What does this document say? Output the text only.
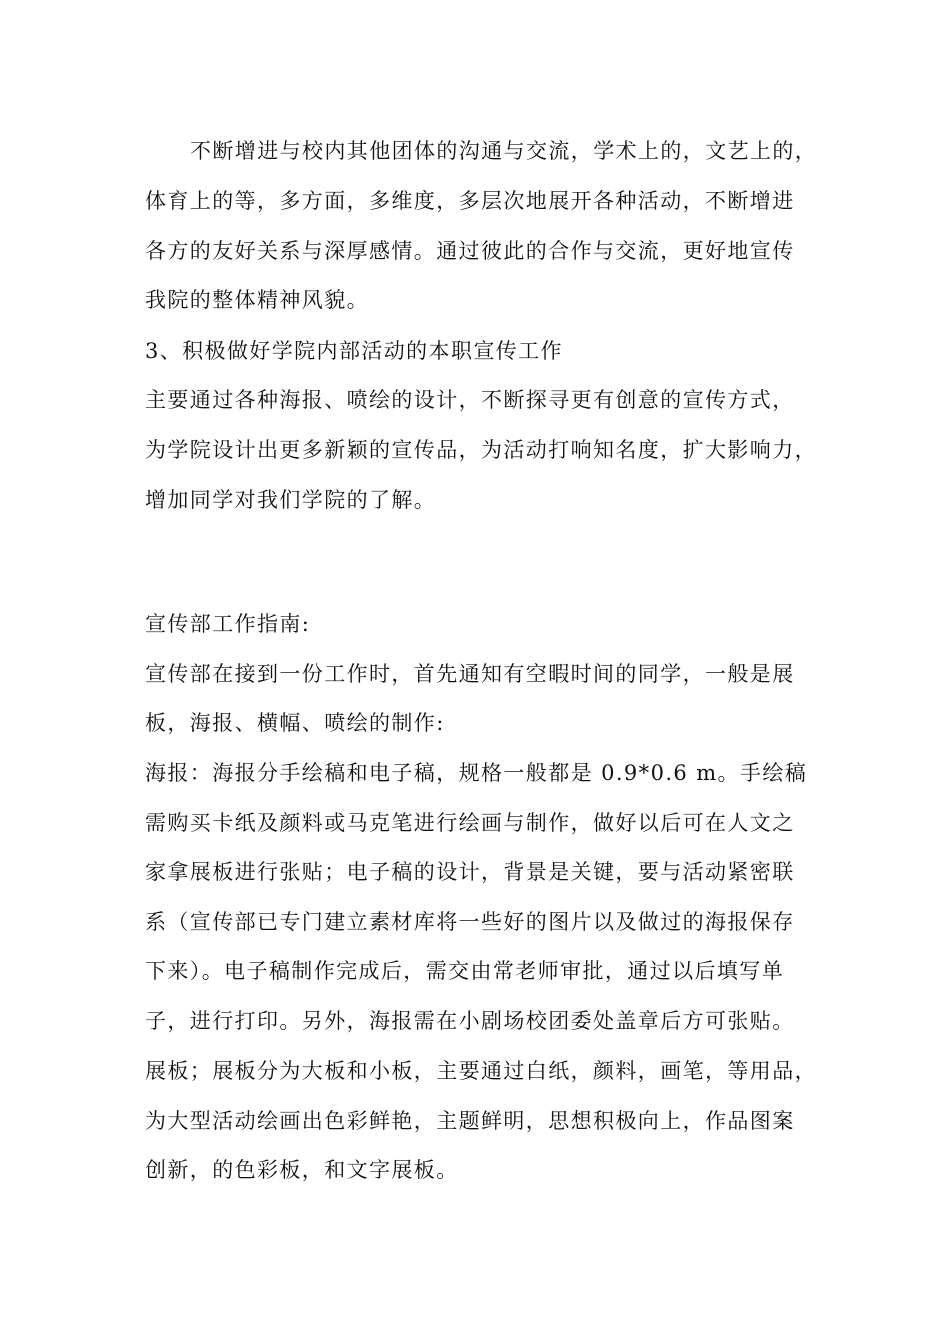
不断增进与校内其他团体的沟通与交流，学术上的，文艺上的，
体育上的等，多方面，多维度，多层次地展开各种活动，不断增进
各方的友好关系与深厚感情。通过彼此的合作与交流，更好地宣传
我院的整体精神风貌。
3、积极做好学院内部活动的本职宣传工作
主要通过各种海报、喷绘的设计，不断探寻更有创意的宣传方式，
为学院设计出更多新颖的宣传品，为活动打响知名度，扩大影响力，
增加同学对我们学院的了解。
宣传部工作指南:
宣传部在接到一份工作时，首先通知有空暇时间的同学，一般是展
板，海报、横幅、喷绘的制作:
海报：海报分手绘稿和电子稿，规格一般都是 0.9*0.6 m。手绘稿
需购买卡纸及颜料或马克笔进行绘画与制作，做好以后可在人文之
家拿展板进行张贴；电子稿的设计，背景是关键，要与活动紧密联
系（宣传部已专门建立素材库将一些好的图片以及做过的海报保存
下来）。电子稿制作完成后，需交由常老师审批，通过以后填写单
子，进行打印。另外，海报需在小剧场校团委处盖章后方可张贴。
展板；展板分为大板和小板，主要通过白纸，颜料，画笔，等用品，
为大型活动绘画出色彩鲜艳，主题鲜明，思想积极向上，作品图案
创新，的色彩板，和文字展板。
